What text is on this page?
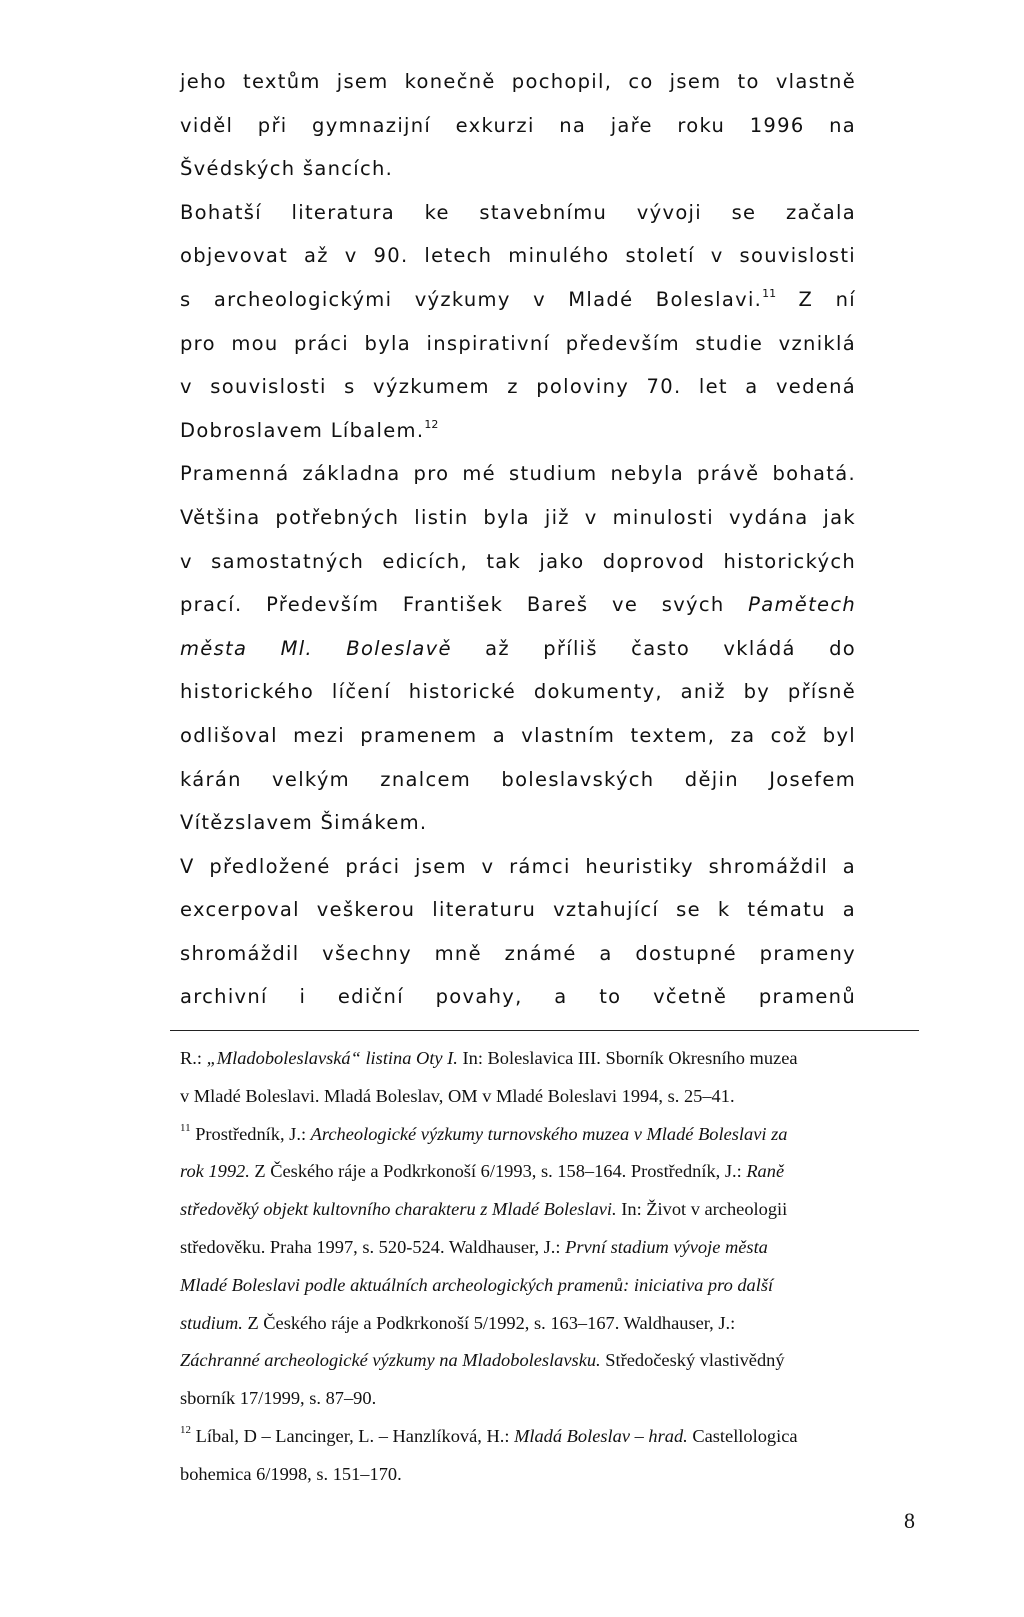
jeho textům jsem konečně pochopil, co jsem to vlastně
viděl při gymnazijní exkurzi na jaře roku 1996 na
Švédských šancích.
Bohatší literatura ke stavebnímu vývoji se začala
objevovat až v 90. letech minulého století v souvislosti
s archeologickými výzkumy v Mladé Boleslavi.$^{11}$ Z ní
pro mou práci byla inspirativní především studie vzniklá
v souvislosti s výzkumem z poloviny 70. let a vedená
Dobroslavem Líbalem.$^{12}$
Pramenná základna pro mé studium nebyla právě bohatá.
Většina potřebných listin byla již v minulosti vydána jak
v samostatných edicích, tak jako doprovod historických
prací. Především František Bareš ve svých Pamětech
města Ml. Boleslavě až příliš často vkládá do
historického líčení historické dokumenty, aniž by přísně
odlišoval mezi pramenem a vlastním textem, za což byl
kárán velkým znalcem boleslavských dějin Josefem
Vítězslavem Šimákem.
V předložené práci jsem v rámci heuristiky shromáždil a
excerpoval veškerou literaturu vztahující se k tématu a
shromáždil všechny mně známé a dostupné prameny
archivní i ediční povahy, a to včetně pramenů
R.: „Mladoboleslavská“ listina Oty I. In: Boleslavica III. Sborník Okresního muzea
v Mladé Boleslavi. Mladá Boleslav, OM v Mladé Boleslavi 1994, s. 25–41.
$^{11}$ Prostředník, J.: Archeologické výzkumy turnovského muzea v Mladé Boleslavi za
rok 1992. Z Českého ráje a Podkrkonoší 6/1993, s. 158–164. Prostředník, J.: Raně
středověký objekt kultovního charakteru z Mladé Boleslavi. In: Život v archeologii
středověku. Praha 1997, s. 520-524. Waldhauser, J.: První stadium vývoje města
Mladé Boleslavi podle aktuálních archeologických pramenů: iniciativa pro další
studium. Z Českého ráje a Podkrkonoší 5/1992, s. 163–167. Waldhauser, J.:
Záchranné archeologické výzkumy na Mladoboleslavsku. Středočeský vlastivědný
sborník 17/1999, s. 87–90.
$^{12}$ Líbal, D – Lancinger, L. – Hanzlíková, H.: Mladá Boleslav – hrad. Castellologica
bohemica 6/1998, s. 151–170.
8
